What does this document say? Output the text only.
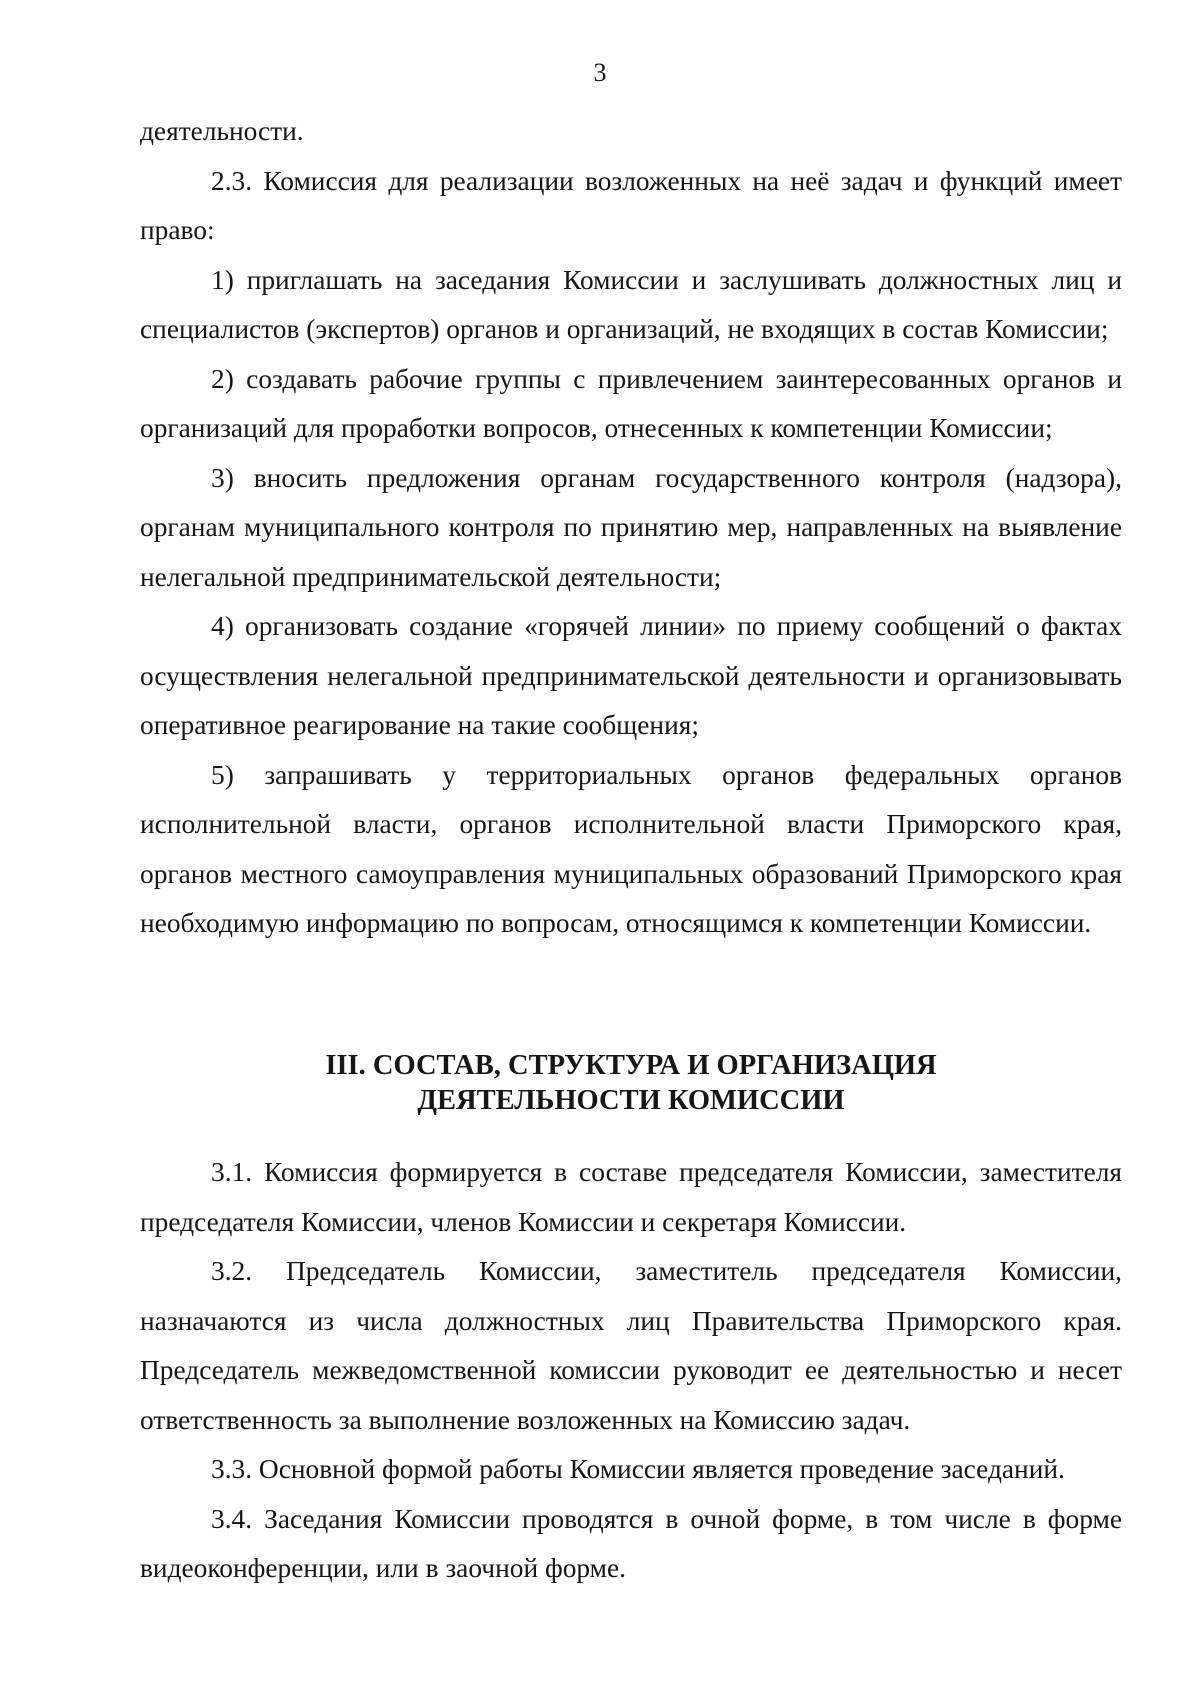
3

деятельности.

2.3. Комиссия для реализации возложенных на неё задач и функций имеет право:

1) приглашать на заседания Комиссии и заслушивать должностных лиц и специалистов (экспертов) органов и организаций, не входящих в состав Комиссии;

2) создавать рабочие группы с привлечением заинтересованных органов и организаций для проработки вопросов, отнесенных к компетенции Комиссии;

3) вносить предложения органам государственного контроля (надзора), органам муниципального контроля по принятию мер, направленных на выявление нелегальной предпринимательской деятельности;

4) организовать создание «горячей линии» по приему сообщений о фактах осуществления нелегальной предпринимательской деятельности и организовывать оперативное реагирование на такие сообщения;

5) запрашивать у территориальных органов федеральных органов исполнительной власти, органов исполнительной власти Приморского края, органов местного самоуправления муниципальных образований Приморского края необходимую информацию по вопросам, относящимся к компетенции Комиссии.

III. СОСТАВ, СТРУКТУРА И ОРГАНИЗАЦИЯ
ДЕЯТЕЛЬНОСТИ КОМИССИИ

3.1. Комиссия формируется в составе председателя Комиссии, заместителя председателя Комиссии, членов Комиссии и секретаря Комиссии.

3.2. Председатель Комиссии, заместитель председателя Комиссии, назначаются из числа должностных лиц Правительства Приморского края. Председатель межведомственной комиссии руководит ее деятельностью и несет ответственность за выполнение возложенных на Комиссию задач.

3.3. Основной формой работы Комиссии является проведение заседаний.

3.4. Заседания Комиссии проводятся в очной форме, в том числе в форме видеоконференции, или в заочной форме.
